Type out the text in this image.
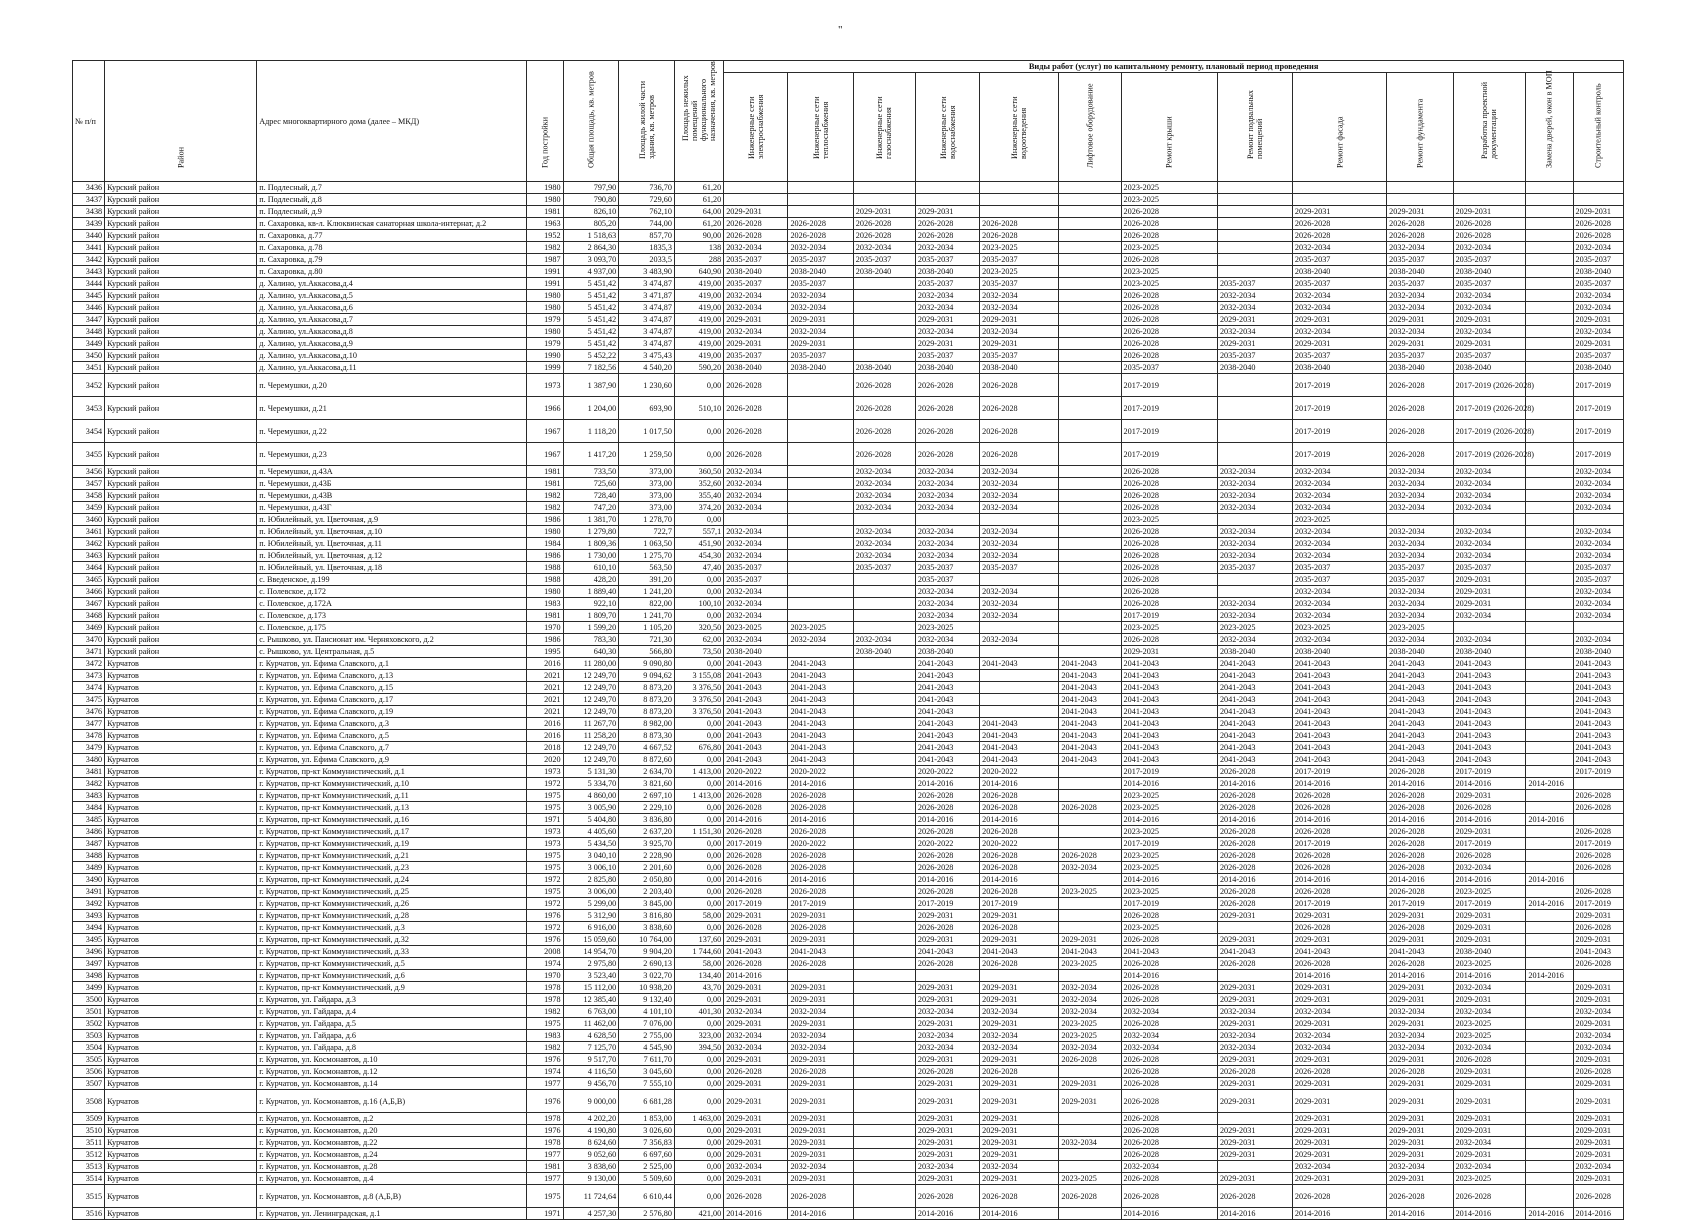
"
№ п/п	Район	Адрес многоквартирного дома (далее – МКД)	Год постройки	Общая площадь, кв. метров	Площадь жилой части здания, кв. метров	Площадь нежилых помещений функционального назначения, кв. метров	Виды работ (услуг) по капитальному ремонту, плановый период проведения												

							Инженерные сети электроснабжения	Инженерные сети теплоснабжения	Инженерные сети газоснабжения	Инженерные сети водоснабжения	Инженерные сети водоотведения	Лифтовое оборудование	Ремонт крыши	Ремонт подвальных помещений	Ремонт фасада	Ремонт фундамента	Разработка проектной документации	Замена дверей, окон в МОП	Строительный контроль

3436	Курский район	п. Подлесный, д.7	1980	797,90	736,70	61,20							2023-2025						
3437	Курский район	п. Подлесный, д.8	1980	790,80	729,60	61,20							2023-2025						
3438	Курский район	п. Подлесный, д.9	1981	826,10	762,10	64,00	2029-2031		2029-2031	2029-2031			2026-2028		2029-2031	2029-2031	2029-2031		2029-2031
3439	Курский район	п. Сахаровка, кв-л. Клюквинская санаторная школа-интернат, д.2	1963	805,20	744,00	61,20	2026-2028	2026-2028	2026-2028	2026-2028	2026-2028		2026-2028		2026-2028	2026-2028	2026-2028		2026-2028
3440	Курский район	п. Сахаровка, д.77	1952	1 518,63	857,70	90,00	2026-2028	2026-2028	2026-2028	2026-2028	2026-2028		2026-2028		2026-2028	2026-2028	2026-2028		2026-2028
3441	Курский район	п. Сахаровка, д.78	1982	2 864,30	1835,3	138	2032-2034	2032-2034	2032-2034	2032-2034	2023-2025		2023-2025		2032-2034	2032-2034	2032-2034		2032-2034
3442	Курский район	п. Сахаровка, д.79	1987	3 093,70	2033,5	288	2035-2037	2035-2037	2035-2037	2035-2037	2035-2037		2026-2028		2035-2037	2035-2037	2035-2037		2035-2037
3443	Курский район	п. Сахаровка, д.80	1991	4 937,00	3 483,90	640,90	2038-2040	2038-2040	2038-2040	2038-2040	2023-2025		2023-2025		2038-2040	2038-2040	2038-2040		2038-2040
3444	Курский район	д. Халино, ул.Аккасова,д.4	1991	5 451,42	3 474,87	419,00	2035-2037	2035-2037		2035-2037	2035-2037		2023-2025	2035-2037	2035-2037	2035-2037	2035-2037		2035-2037
3445	Курский район	д. Халино, ул.Аккасова,д.5	1980	5 451,42	3 471,87	419,00	2032-2034	2032-2034		2032-2034	2032-2034		2026-2028	2032-2034	2032-2034	2032-2034	2032-2034		2032-2034
3446	Курский район	д. Халино, ул.Аккасова,д.6	1980	5 451,42	3 474,87	419,00	2032-2034	2032-2034		2032-2034	2032-2034		2026-2028	2032-2034	2032-2034	2032-2034	2032-2034		2032-2034
3447	Курский район	д. Халино, ул.Аккасова,д.7	1979	5 451,42	3 474,87	419,00	2029-2031	2029-2031		2029-2031	2029-2031		2026-2028	2029-2031	2029-2031	2029-2031	2029-2031		2029-2031
3448	Курский район	д. Халино, ул.Аккасова,д.8	1980	5 451,42	3 474,87	419,00	2032-2034	2032-2034		2032-2034	2032-2034		2026-2028	2032-2034	2032-2034	2032-2034	2032-2034		2032-2034
3449	Курский район	д. Халино, ул.Аккасова,д.9	1979	5 451,42	3 474,87	419,00	2029-2031	2029-2031		2029-2031	2029-2031		2026-2028	2029-2031	2029-2031	2029-2031	2029-2031		2029-2031
3450	Курский район	д. Халино, ул.Аккасова,д.10	1990	5 452,22	3 475,43	419,00	2035-2037	2035-2037		2035-2037	2035-2037		2026-2028	2035-2037	2035-2037	2035-2037	2035-2037		2035-2037
3451	Курский район	д. Халино, ул.Аккасова,д.11	1999	7 182,56	4 540,20	590,20	2038-2040	2038-2040	2038-2040	2038-2040	2038-2040		2035-2037	2038-2040	2038-2040	2038-2040	2038-2040		2038-2040
3452	Курский район	п. Черемушки, д.20	1973	1 387,90	1 230,60	0,00	2026-2028		2026-2028	2026-2028	2026-2028		2017-2019		2017-2019	2026-2028	2017-2019 (2026-2028)		2017-2019
3453	Курский район	п. Черемушки, д.21	1966	1 204,00	693,90	510,10	2026-2028		2026-2028	2026-2028	2026-2028		2017-2019		2017-2019	2026-2028	2017-2019 (2026-2028)		2017-2019
3454	Курский район	п. Черемушки, д.22	1967	1 118,20	1 017,50	0,00	2026-2028		2026-2028	2026-2028	2026-2028		2017-2019		2017-2019	2026-2028	2017-2019 (2026-2028)		2017-2019
3455	Курский район	п. Черемушки, д.23	1967	1 417,20	1 259,50	0,00	2026-2028		2026-2028	2026-2028	2026-2028		2017-2019		2017-2019	2026-2028	2017-2019 (2026-2028)		2017-2019
3456	Курский район	п. Черемушки, д.43А	1981	733,50	373,00	360,50	2032-2034		2032-2034	2032-2034	2032-2034		2026-2028	2032-2034	2032-2034	2032-2034	2032-2034		2032-2034
3457	Курский район	п. Черемушки, д.43Б	1981	725,60	373,00	352,60	2032-2034		2032-2034	2032-2034	2032-2034		2026-2028	2032-2034	2032-2034	2032-2034	2032-2034		2032-2034
3458	Курский район	п. Черемушки, д.43В	1982	728,40	373,00	355,40	2032-2034		2032-2034	2032-2034	2032-2034		2026-2028	2032-2034	2032-2034	2032-2034	2032-2034		2032-2034
3459	Курский район	п. Черемушки, д.43Г	1982	747,20	373,00	374,20	2032-2034		2032-2034	2032-2034	2032-2034		2026-2028	2032-2034	2032-2034	2032-2034	2032-2034		2032-2034
3460	Курский район	п. Юбилейный, ул. Цветочная, д.9	1986	1 381,70	1 278,70	0,00							2023-2025		2023-2025				
3461	Курский район	п. Юбилейный, ул. Цветочная, д.10	1980	1 279,80	722,7	557,1	2032-2034		2032-2034	2032-2034	2032-2034		2026-2028	2032-2034	2032-2034	2032-2034	2032-2034		2032-2034
3462	Курский район	п. Юбилейный, ул. Цветочная, д.11	1984	1 809,36	1 063,50	451,90	2032-2034		2032-2034	2032-2034	2032-2034		2026-2028	2032-2034	2032-2034	2032-2034	2032-2034		2032-2034
3463	Курский район	п. Юбилейный, ул. Цветочная, д.12	1986	1 730,00	1 275,70	454,30	2032-2034		2032-2034	2032-2034	2032-2034		2026-2028	2032-2034	2032-2034	2032-2034	2032-2034		2032-2034
3464	Курский район	п. Юбилейный, ул. Цветочная, д.18	1988	610,10	563,50	47,40	2035-2037		2035-2037	2035-2037	2035-2037		2026-2028	2035-2037	2035-2037	2035-2037	2035-2037		2035-2037
3465	Курский район	с. Введенское, д.199	1988	428,20	391,20	0,00	2035-2037			2035-2037			2026-2028		2035-2037	2035-2037	2029-2031		2035-2037
3466	Курский район	с. Полевское, д.172	1980	1 889,40	1 241,20	0,00	2032-2034			2032-2034	2032-2034		2026-2028		2032-2034	2032-2034	2029-2031		2032-2034
3467	Курский район	с. Полевское, д.172А	1983	922,10	822,00	100,10	2032-2034			2032-2034	2032-2034		2026-2028	2032-2034	2032-2034	2032-2034	2029-2031		2032-2034
3468	Курский район	с. Полевское, д.173	1981	1 809,70	1 241,70	0,00	2032-2034			2032-2034	2032-2034		2017-2019	2032-2034	2032-2034	2032-2034	2032-2034		2032-2034
3469	Курский район	с. Полевское, д.175	1970	1 599,20	1 105,20	320,50	2023-2025	2023-2025		2023-2025			2023-2025	2023-2025	2023-2025	2023-2025			
3470	Курский район	с. Рышково, ул. Пансионат им. Черняховского, д.2	1986	783,30	721,30	62,00	2032-2034	2032-2034	2032-2034	2032-2034	2032-2034		2026-2028	2032-2034	2032-2034	2032-2034	2032-2034		2032-2034
3471	Курский район	с. Рышково, ул. Центральная, д.5	1995	640,30	566,80	73,50	2038-2040		2038-2040	2038-2040			2029-2031	2038-2040	2038-2040	2038-2040	2038-2040		2038-2040
3472	Курчатов	г. Курчатов, ул. Ефима Славского, д.1	2016	11 280,00	9 090,80	0,00	2041-2043	2041-2043		2041-2043	2041-2043	2041-2043	2041-2043	2041-2043	2041-2043	2041-2043	2041-2043		2041-2043
3473	Курчатов	г. Курчатов, ул. Ефима Славского, д.13	2021	12 249,70	9 094,62	3 155,08	2041-2043	2041-2043		2041-2043		2041-2043	2041-2043	2041-2043	2041-2043	2041-2043	2041-2043		2041-2043
3474	Курчатов	г. Курчатов, ул. Ефима Славского, д.15	2021	12 249,70	8 873,20	3 376,50	2041-2043	2041-2043		2041-2043		2041-2043	2041-2043	2041-2043	2041-2043	2041-2043	2041-2043		2041-2043
3475	Курчатов	г. Курчатов, ул. Ефима Славского, д.17	2021	12 249,70	8 873,20	3 376,50	2041-2043	2041-2043		2041-2043		2041-2043	2041-2043	2041-2043	2041-2043	2041-2043	2041-2043		2041-2043
3476	Курчатов	г. Курчатов, ул. Ефима Славского, д.19	2021	12 249,70	8 873,20	3 376,50	2041-2043	2041-2043		2041-2043		2041-2043	2041-2043	2041-2043	2041-2043	2041-2043	2041-2043		2041-2043
3477	Курчатов	г. Курчатов, ул. Ефима Славского, д.3	2016	11 267,70	8 982,00	0,00	2041-2043	2041-2043		2041-2043	2041-2043	2041-2043	2041-2043	2041-2043	2041-2043	2041-2043	2041-2043		2041-2043
3478	Курчатов	г. Курчатов, ул. Ефима Славского, д.5	2016	11 258,20	8 873,30	0,00	2041-2043	2041-2043		2041-2043	2041-2043	2041-2043	2041-2043	2041-2043	2041-2043	2041-2043	2041-2043		2041-2043
3479	Курчатов	г. Курчатов, ул. Ефима Славского, д.7	2018	12 249,70	4 667,52	676,80	2041-2043	2041-2043		2041-2043	2041-2043	2041-2043	2041-2043	2041-2043	2041-2043	2041-2043	2041-2043		2041-2043
3480	Курчатов	г. Курчатов, ул. Ефима Славского, д.9	2020	12 249,70	8 872,60	0,00	2041-2043	2041-2043		2041-2043	2041-2043	2041-2043	2041-2043	2041-2043	2041-2043	2041-2043	2041-2043		2041-2043
3481	Курчатов	г. Курчатов, пр-кт Коммунистический, д.1	1973	5 131,30	2 634,70	1 413,00	2020-2022	2020-2022		2020-2022	2020-2022		2017-2019	2026-2028	2017-2019	2026-2028	2017-2019		2017-2019
3482	Курчатов	г. Курчатов, пр-кт Коммунистический, д.10	1972	5 334,70	3 821,60	0,00	2014-2016	2014-2016		2014-2016	2014-2016		2014-2016	2014-2016	2014-2016	2014-2016	2014-2016	2014-2016	
3483	Курчатов	г. Курчатов, пр-кт Коммунистический, д.11	1975	4 860,00	2 697,10	1 413,00	2026-2028	2026-2028		2026-2028	2026-2028		2023-2025	2026-2028	2026-2028	2026-2028	2029-2031		2026-2028
3484	Курчатов	г. Курчатов, пр-кт Коммунистический, д.13	1975	3 005,90	2 229,10	0,00	2026-2028	2026-2028		2026-2028	2026-2028	2026-2028	2023-2025	2026-2028	2026-2028	2026-2028	2026-2028		2026-2028
3485	Курчатов	г. Курчатов, пр-кт Коммунистический, д.16	1971	5 404,80	3 836,80	0,00	2014-2016	2014-2016		2014-2016	2014-2016		2014-2016	2014-2016	2014-2016	2014-2016	2014-2016	2014-2016	
3486	Курчатов	г. Курчатов, пр-кт Коммунистический, д.17	1973	4 405,60	2 637,20	1 151,30	2026-2028	2026-2028		2026-2028	2026-2028		2023-2025	2026-2028	2026-2028	2026-2028	2029-2031		2026-2028
3487	Курчатов	г. Курчатов, пр-кт Коммунистический, д.19	1973	5 434,50	3 925,70	0,00	2017-2019	2020-2022		2020-2022	2020-2022		2017-2019	2026-2028	2017-2019	2026-2028	2017-2019		2017-2019
3488	Курчатов	г. Курчатов, пр-кт Коммунистический, д.21	1975	3 040,10	2 228,90	0,00	2026-2028	2026-2028		2026-2028	2026-2028	2026-2028	2023-2025	2026-2028	2026-2028	2026-2028	2026-2028		2026-2028
3489	Курчатов	г. Курчатов, пр-кт Коммунистический, д.23	1975	3 006,10	2 201,60	0,00	2026-2028	2026-2028		2026-2028	2026-2028	2032-2034	2023-2025	2026-2028	2026-2028	2026-2028	2032-2034		2026-2028
3490	Курчатов	г. Курчатов, пр-кт Коммунистический, д.24	1972	2 825,80	2 050,80	0,00	2014-2016	2014-2016		2014-2016	2014-2016		2014-2016	2014-2016	2014-2016	2014-2016	2014-2016	2014-2016	
3491	Курчатов	г. Курчатов, пр-кт Коммунистический, д.25	1975	3 006,00	2 203,40	0,00	2026-2028	2026-2028		2026-2028	2026-2028	2023-2025	2023-2025	2026-2028	2026-2028	2026-2028	2023-2025		2026-2028
3492	Курчатов	г. Курчатов, пр-кт Коммунистический, д.26	1972	5 299,00	3 845,00	0,00	2017-2019	2017-2019		2017-2019	2017-2019		2017-2019	2026-2028	2017-2019	2017-2019	2017-2019	2014-2016	2017-2019
3493	Курчатов	г. Курчатов, пр-кт Коммунистический, д.28	1976	5 312,90	3 816,80	58,00	2029-2031	2029-2031		2029-2031	2029-2031		2026-2028	2029-2031	2029-2031	2029-2031	2029-2031		2029-2031
3494	Курчатов	г. Курчатов, пр-кт Коммунистический, д.3	1972	6 916,00	3 838,60	0,00	2026-2028	2026-2028		2026-2028	2026-2028		2023-2025		2026-2028	2026-2028	2029-2031		2026-2028
3495	Курчатов	г. Курчатов, пр-кт Коммунистический, д.32	1976	15 059,60	10 764,00	137,60	2029-2031	2029-2031		2029-2031	2029-2031	2029-2031	2026-2028	2029-2031	2029-2031	2029-2031	2029-2031		2029-2031
3496	Курчатов	г. Курчатов, пр-кт Коммунистический, д.33	2008	14 954,70	9 904,20	1 744,60	2041-2043	2041-2043		2041-2043	2041-2043	2041-2043	2041-2043	2041-2043	2041-2043	2041-2043	2038-2040		2041-2043
3497	Курчатов	г. Курчатов, пр-кт Коммунистический, д.5	1974	2 975,80	2 690,13	58,00	2026-2028	2026-2028		2026-2028	2026-2028	2023-2025	2026-2028	2026-2028	2026-2028	2026-2028	2023-2025		2026-2028
3498	Курчатов	г. Курчатов, пр-кт Коммунистический, д.6	1970	3 523,40	3 022,70	134,40	2014-2016						2014-2016		2014-2016	2014-2016	2014-2016	2014-2016	
3499	Курчатов	г. Курчатов, пр-кт Коммунистический, д.9	1978	15 112,00	10 938,20	43,70	2029-2031	2029-2031		2029-2031	2029-2031	2032-2034	2026-2028	2029-2031	2029-2031	2029-2031	2032-2034		2029-2031
3500	Курчатов	г. Курчатов, ул. Гайдара, д.3	1978	12 385,40	9 132,40	0,00	2029-2031	2029-2031		2029-2031	2029-2031	2032-2034	2026-2028	2029-2031	2029-2031	2029-2031	2029-2031		2029-2031
3501	Курчатов	г. Курчатов, ул. Гайдара, д.4	1982	6 763,00	4 101,10	401,30	2032-2034	2032-2034		2032-2034	2032-2034	2032-2034	2032-2034	2032-2034	2032-2034	2032-2034	2032-2034		2032-2034
3502	Курчатов	г. Курчатов, ул. Гайдара, д.5	1975	11 462,00	7 076,00	0,00	2029-2031	2029-2031		2029-2031	2029-2031	2023-2025	2026-2028	2029-2031	2029-2031	2029-2031	2023-2025		2029-2031
3503	Курчатов	г. Курчатов, ул. Гайдара, д.6	1983	4 628,50	2 755,00	323,00	2032-2034	2032-2034		2032-2034	2032-2034	2023-2025	2032-2034	2032-2034	2032-2034	2032-2034	2023-2025		2032-2034
3504	Курчатов	г. Курчатов, ул. Гайдара, д.8	1982	7 125,70	4 545,90	394,50	2032-2034	2032-2034		2032-2034	2032-2034	2032-2034	2032-2034	2032-2034	2032-2034	2032-2034	2032-2034		2032-2034
3505	Курчатов	г. Курчатов, ул. Космонавтов, д.10	1976	9 517,70	7 611,70	0,00	2029-2031	2029-2031		2029-2031	2029-2031	2026-2028	2026-2028	2029-2031	2029-2031	2029-2031	2026-2028		2029-2031
3506	Курчатов	г. Курчатов, ул. Космонавтов, д.12	1974	4 116,50	3 045,60	0,00	2026-2028	2026-2028		2026-2028	2026-2028		2026-2028	2026-2028	2026-2028	2026-2028	2029-2031		2026-2028
3507	Курчатов	г. Курчатов, ул. Космонавтов, д.14	1977	9 456,70	7 555,10	0,00	2029-2031	2029-2031		2029-2031	2029-2031	2029-2031	2026-2028	2029-2031	2029-2031	2029-2031	2029-2031		2029-2031
3508	Курчатов	г. Курчатов, ул. Космонавтов, д.16 (А,Б,В)	1976	9 000,00	6 681,28	0,00	2029-2031	2029-2031		2029-2031	2029-2031	2029-2031	2026-2028	2029-2031	2029-2031	2029-2031	2029-2031		2029-2031
3509	Курчатов	г. Курчатов, ул. Космонавтов, д.2	1978	4 202,20	1 853,00	1 463,00	2029-2031	2029-2031		2029-2031	2029-2031		2026-2028		2029-2031	2029-2031	2029-2031		2029-2031
3510	Курчатов	г. Курчатов, ул. Космонавтов, д.20	1976	4 190,80	3 026,60	0,00	2029-2031	2029-2031		2029-2031	2029-2031		2026-2028	2029-2031	2029-2031	2029-2031	2029-2031		2029-2031
3511	Курчатов	г. Курчатов, ул. Космонавтов, д.22	1978	8 624,60	7 356,83	0,00	2029-2031	2029-2031		2029-2031	2029-2031	2032-2034	2026-2028	2029-2031	2029-2031	2029-2031	2032-2034		2029-2031
3512	Курчатов	г. Курчатов, ул. Космонавтов, д.24	1977	9 052,60	6 697,60	0,00	2029-2031	2029-2031		2029-2031	2029-2031		2026-2028	2029-2031	2029-2031	2029-2031	2029-2031		2029-2031
3513	Курчатов	г. Курчатов, ул. Космонавтов, д.28	1981	3 838,60	2 525,00	0,00	2032-2034	2032-2034		2032-2034	2032-2034		2032-2034		2032-2034	2032-2034	2032-2034		2032-2034
3514	Курчатов	г. Курчатов, ул. Космонавтов, д.4	1977	9 130,00	5 509,60	0,00	2029-2031	2029-2031		2029-2031	2029-2031	2023-2025	2026-2028	2029-2031	2029-2031	2029-2031	2023-2025		2029-2031
3515	Курчатов	г. Курчатов, ул. Космонавтов, д.8 (А,Б,В)	1975	11 724,64	6 610,44	0,00	2026-2028	2026-2028		2026-2028	2026-2028	2026-2028	2026-2028	2026-2028	2026-2028	2026-2028	2026-2028		2026-2028
3516	Курчатов	г. Курчатов, ул. Ленинградская, д.1	1971	4 257,30	2 576,80	421,00	2014-2016	2014-2016		2014-2016	2014-2016		2014-2016	2014-2016	2014-2016	2014-2016	2014-2016	2014-2016	2014-2016
